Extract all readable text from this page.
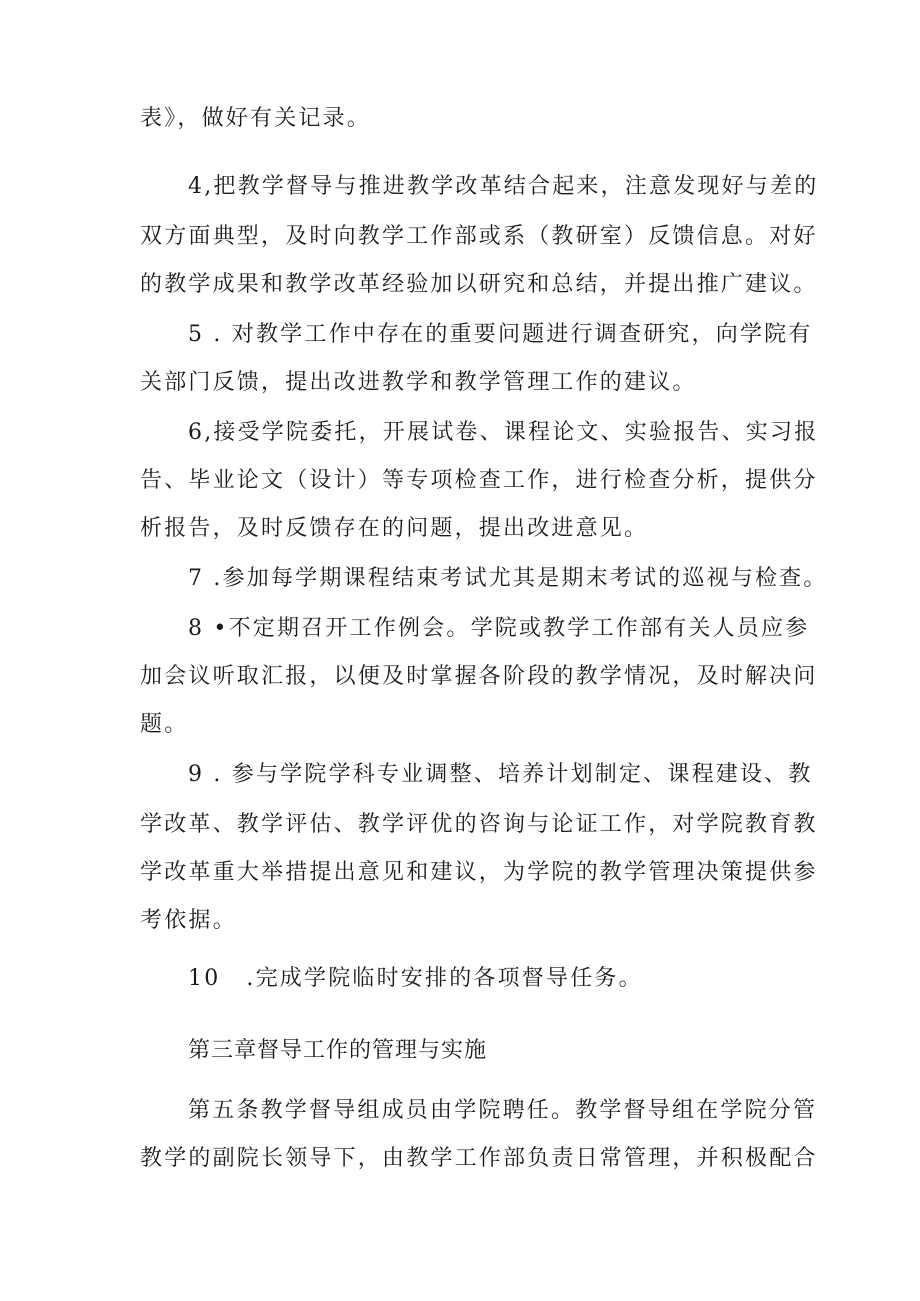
表》，做好有关记录。
4,把教学督导与推进教学改革结合起来，注意发现好与差的
双方面典型，及时向教学工作部或系（教研室）反馈信息。对好
的教学成果和教学改革经验加以研究和总结，并提出推广建议。
5 . 对教学工作中存在的重要问题进行调查研究，向学院有
关部门反馈，提出改进教学和教学管理工作的建议。
6,接受学院委托，开展试卷、课程论文、实验报告、实习报
告、毕业论文（设计）等专项检查工作，进行检查分析，提供分
析报告，及时反馈存在的问题，提出改进意见。
7 .参加每学期课程结束考试尤其是期末考试的巡视与检查。
8 •不定期召开工作例会。学院或教学工作部有关人员应参
加会议听取汇报，以便及时掌握各阶段的教学情况，及时解决问
题。
9 . 参与学院学科专业调整、培养计划制定、课程建设、教
学改革、教学评估、教学评优的咨询与论证工作，对学院教育教
学改革重大举措提出意见和建议，为学院的教学管理决策提供参
考依据。
10 .完成学院临时安排的各项督导任务。
第三章督导工作的管理与实施
第五条教学督导组成员由学院聘任。教学督导组在学院分管
教学的副院长领导下，由教学工作部负责日常管理，并积极配合
